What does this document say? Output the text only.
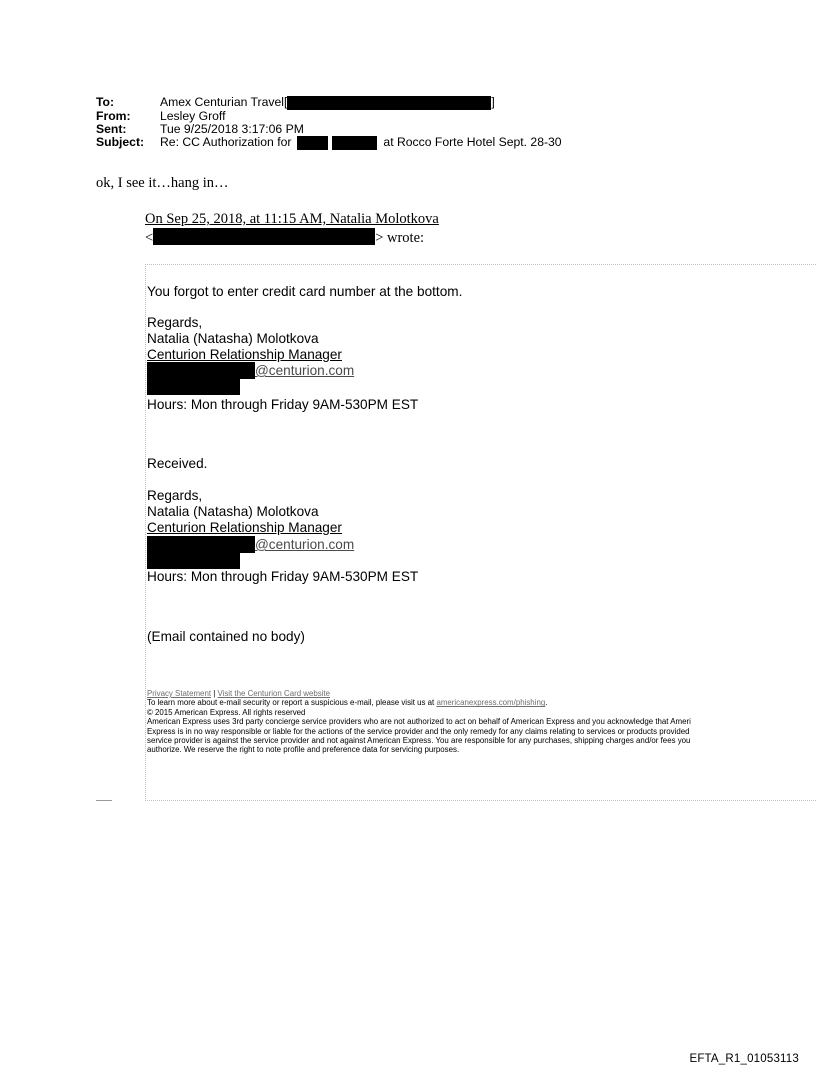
To:	Amex Centurian Travel[	]
From:	Lesley Groff
Sent:	Tue 9/25/2018 3:17:06 PM
Subject:	Re: CC Authorization for	at Rocco Forte Hotel Sept. 28-30
ok, I see it…hang in…
On Sep 25, 2018, at 11:15 AM, Natalia Molotkova
<	> wrote:
You forgot to enter credit card number at the bottom.
Regards,
Natalia (Natasha) Molotkova
Centurion Relationship Manager
@centurion.com
Hours: Mon through Friday 9AM-530PM EST
Received.
Regards,
Natalia (Natasha) Molotkova
Centurion Relationship Manager
@centurion.com
Hours: Mon through Friday 9AM-530PM EST
(Email contained no body)
Privacy Statement | Visit the Centurion Card website
To learn more about e-mail security or report a suspicious e-mail, please visit us at americanexpress.com/phishing.
© 2015 American Express. All rights reserved
American Express uses 3rd party concierge service providers who are not authorized to act on behalf of American Express and you acknowledge that Ameri
Express is in no way responsible or liable for the actions of the service provider and the only remedy for any claims relating to services or products provided
service provider is against the service provider and not against American Express. You are responsible for any purchases, shipping charges and/or fees you
authorize. We reserve the right to note profile and preference data for servicing purposes.
EFTA_R1_01053113
